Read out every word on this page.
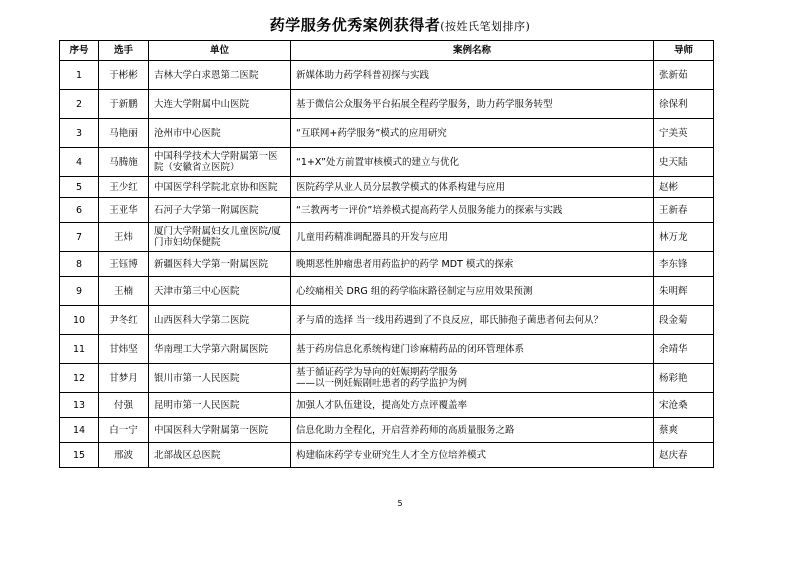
药学服务优秀案例获得者(按姓氏笔划排序)
序号	选手	单位	案例名称	导师
1	于彬彬	吉林大学白求恩第二医院	新媒体助力药学科普初探与实践	张新茹
2	于新鹏	大连大学附属中山医院	基于微信公众服务平台拓展全程药学服务，助力药学服务转型	徐保利
3	马艳丽	沧州市中心医院	“互联网+药学服务”模式的应用研究	宁美英
4	马腾施	中国科学技术大学附属第一医院（安徽省立医院）	“1+X”处方前置审核模式的建立与优化	史天陆
5	王少红	中国医学科学院北京协和医院	医院药学从业人员分层教学模式的体系构建与应用	赵彬
6	王亚华	石河子大学第一附属医院	“三教两考一评价”培养模式提高药学人员服务能力的探索与实践	王新春
7	王炜	厦门大学附属妇女儿童医院/厦门市妇幼保健院	儿童用药精准调配器具的开发与应用	林万龙
8	王钰博	新疆医科大学第一附属医院	晚期恶性肿瘤患者用药监护的药学 MDT 模式的探索	李东锋
9	王楠	天津市第三中心医院	心绞痛相关 DRG 组的药学临床路径制定与应用效果预测	朱明辉
10	尹冬红	山西医科大学第二医院	矛与盾的选择 当一线用药遇到了不良反应，耶氏肺孢子菌患者何去何从？	段金菊
11	甘炜坚	华南理工大学第六附属医院	基于药房信息化系统构建门诊麻精药品的闭环管理体系	余靖华
12	甘梦月	银川市第一人民医院	基于循证药学为导向的妊娠期药学服务
——以一例妊娠剧吐患者的药学监护为例	杨彩艳
13	付强	昆明市第一人民医院	加强人才队伍建设，提高处方点评覆盖率	宋沧桑
14	白一宁	中国医科大学附属第一医院	信息化助力全程化，开启营养药师的高质量服务之路	蔡爽
15	邢波	北部战区总医院	构建临床药学专业研究生人才全方位培养模式	赵庆春
5
